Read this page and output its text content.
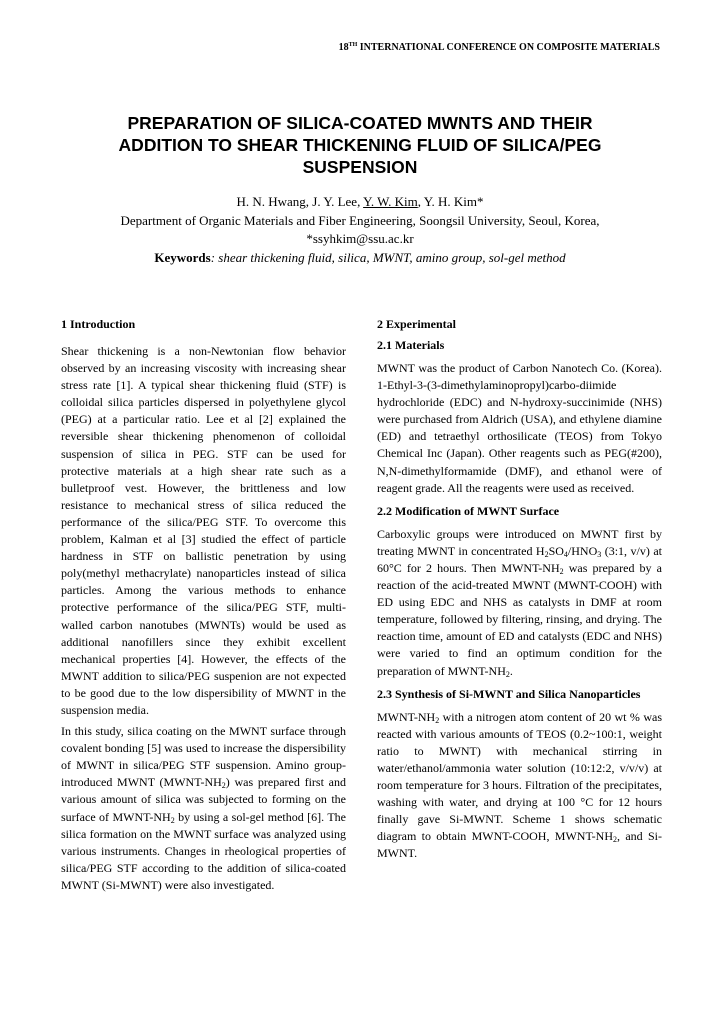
18TH INTERNATIONAL CONFERENCE ON COMPOSITE MATERIALS
PREPARATION OF SILICA-COATED MWNTS AND THEIR
ADDITION TO SHEAR THICKENING FLUID OF SILICA/PEG
SUSPENSION
H. N. Hwang, J. Y. Lee, Y. W. Kim, Y. H. Kim*
Department of Organic Materials and Fiber Engineering, Soongsil University, Seoul, Korea,
*ssyhkim@ssu.ac.kr
Keywords: shear thickening fluid, silica, MWNT, amino group, sol-gel method
1 Introduction

Shear thickening is a non-Newtonian flow behavior observed by an increasing viscosity with increasing shear stress rate [1]. A typical shear thickening fluid (STF) is colloidal silica particles dispersed in polyethylene glycol (PEG) at a particular ratio. Lee et al [2] explained the reversible shear thickening phenomenon of colloidal suspension of silica in PEG. STF can be used for protective materials at a high shear rate such as a bulletproof vest. However, the brittleness and low resistance to mechanical stress of silica reduced the performance of the silica/PEG STF. To overcome this problem, Kalman et al [3] studied the effect of particle hardness in STF on ballistic penetration by using poly(methyl methacrylate) nanoparticles instead of silica particles. Among the various methods to enhance protective performance of the silica/PEG STF, multi-walled carbon nanotubes (MWNTs) would be used as additional nanofillers since they exhibit excellent mechanical properties [4]. However, the effects of the MWNT addition to silica/PEG suspenion are not expected to be good due to the low dispersibility of MWNT in the suspension media.

In this study, silica coating on the MWNT surface through covalent bonding [5] was used to increase the dispersibility of MWNT in silica/PEG STF suspension. Amino group-introduced MWNT $(MWNT-NH_2)$ was prepared first and various amount of silica was subjected to forming on the surface of MWNT-$NH_2$ by using a sol-gel method [6]. The silica formation on the MWNT surface was analyzed using various instruments. Changes in rheological properties of silica/PEG STF according to the addition of silica-coated MWNT (Si-MWNT) were also investigated.

2 Experimental
2.1 Materials

MWNT was the product of Carbon Nanotech Co. (Korea). 1-Ethyl-3-(3-dimethylaminopropyl)carbo-diimide hydrochloride (EDC) and N-hydroxy-succinimide (NHS) were purchased from Aldrich (USA), and ethylene diamine (ED) and tetraethyl orthosilicate (TEOS) from Tokyo Chemical Inc (Japan). Other reagents such as PEG(#200), N,N-dimethylformamide (DMF), and ethanol were of reagent grade. All the reagents were used as received.

2.2 Modification of MWNT Surface

Carboxylic groups were introduced on MWNT first by treating MWNT in concentrated $H_2SO_4/HNO_3$ (3:1, v/v) at 60°C for 2 hours. Then MWNT-$NH_2$ was prepared by a reaction of the acid-treated MWNT (MWNT-COOH) with ED using EDC and NHS as catalysts in DMF at room temperature, followed by filtering, rinsing, and drying. The reaction time, amount of ED and catalysts (EDC and NHS) were varied to find an optimum condition for the preparation of MWNT-$NH_2$.

2.3 Synthesis of Si-MWNT and Silica Nanoparticles

MWNT-$NH_2$ with a nitrogen atom content of 20 wt % was reacted with various amounts of TEOS (0.2~100:1, weight ratio to MWNT) with mechanical stirring in water/ethanol/ammonia water solution (10:12:2, v/v/v) at room temperature for 3 hours. Filtration of the precipitates, washing with water, and drying at 100 °C for 12 hours finally gave Si-MWNT. Scheme 1 shows schematic diagram to obtain MWNT-COOH, MWNT-$NH_2$, and Si-MWNT.
